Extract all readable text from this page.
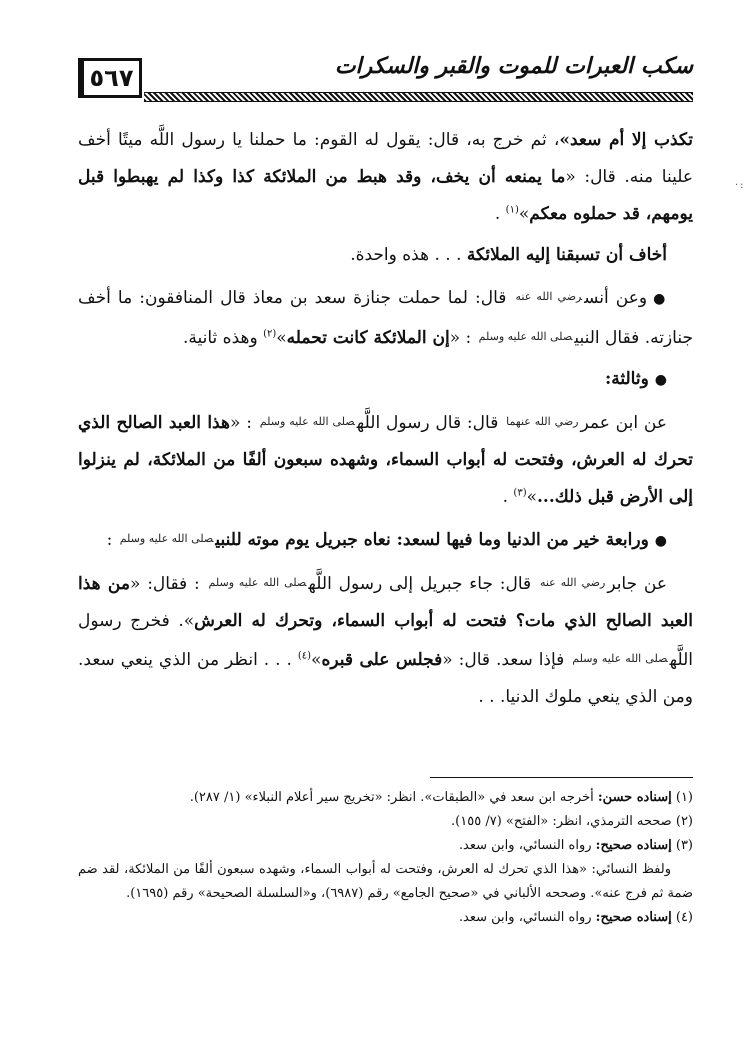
٥٦٧	سكب العبرات للموت والقبر والسكرات
·:

تكذب إلا أم سعد»، ثم خرج به، قال: يقول له القوم: ما حملنا يا رسول اللَّه ميتًا أخف علينا منه. قال: «ما يمنعه أن يخف، وقد هبط من الملائكة كذا وكذا لم يهبطوا قبل يومهم، قد حملوه معكم»$^{(١)}$ .

أخاف أن تسبقنا إليه الملائكة . . . هذه واحدة.

●وعن أنسرضي الله عنه قال: لما حملت جنازة سعد بن معاذ قال المنافقون: ما أخف جنازته. فقال النبيصلى الله عليه وسلم : «إن الملائكة كانت تحمله»$^{(٢)}$ وهذه ثانية.

●وثالثة:

عن ابن عمررضي الله عنهما قال: قال رسول اللَّهصلى الله عليه وسلم : «هذا العبد الصالح الذي تحرك له العرش، وفتحت له أبواب السماء، وشهده سبعون ألفًا من الملائكة، لم ينزلوا إلى الأرض قبل ذلك...»$^{(٣)}$ .

●ورابعة خير من الدنيا وما فيها لسعد: نعاه جبريل يوم موته للنبيصلى الله عليه وسلم :

عن جابررضي الله عنه قال: جاء جبريل إلى رسول اللَّهصلى الله عليه وسلم : فقال: «من هذا العبد الصالح الذي مات؟ فتحت له أبواب السماء، وتحرك له العرش». فخرج رسول اللَّهصلى الله عليه وسلم فإذا سعد. قال: «فجلس على قبره»$^{(٤)}$ . . . انظر من الذي ينعي سعد. ومن الذي ينعي ملوك الدنيا. . .

(١) إسناده حسن: أخرجه ابن سعد في «الطبقات». انظر: «تخريج سير أعلام النبلاء» (١/ ٢٨٧).

(٢) صححه الترمذي، انظر: «الفتح» (٧/ ١٥٥).

(٣) إسناده صحيح: رواه النسائي، وابن سعد.

ولفظ النسائي: «هذا الذي تحرك له العرش، وفتحت له أبواب السماء، وشهده سبعون ألفًا من الملائكة، لقد ضم ضمة ثم فرج عنه». وصححه الألباني في «صحيح الجامع» رقم (٦٩٨٧)، و«السلسلة الصحيحة» رقم (١٦٩٥).

(٤) إسناده صحيح: رواه النسائي، وابن سعد.
